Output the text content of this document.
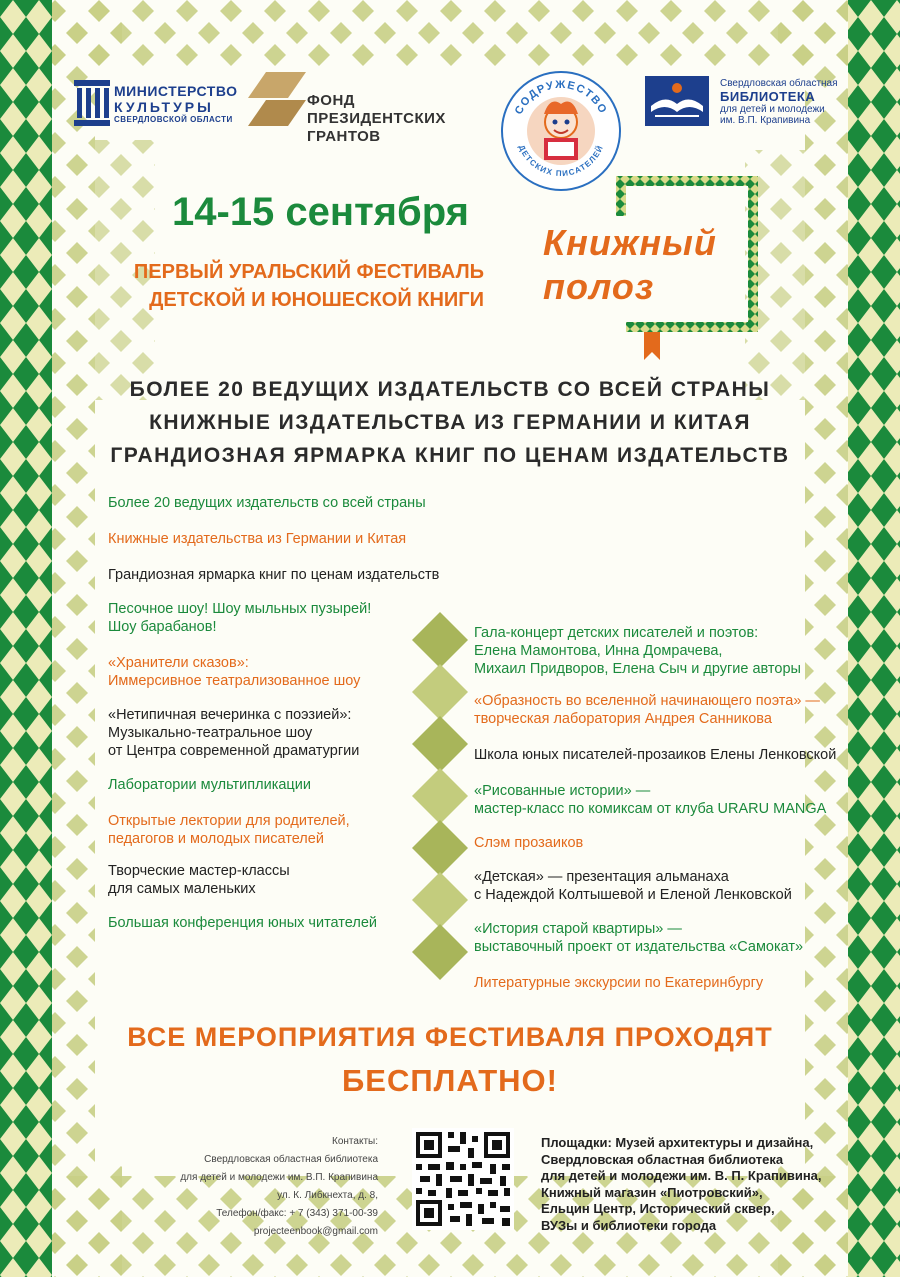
МИНИСТЕРСТВО
КУЛЬТУРЫ
СВЕРДЛОВСКОЙ ОБЛАСТИ
ФОНД
ПРЕЗИДЕНТСКИХ
ГРАНТОВ
СОДРУЖЕСТВО
ДЕТСКИХ ПИСАТЕЛЕЙ
Свердловская областная
БИБЛИОТЕКА
для детей и молодежи
им. В.П. Крапивина
14-15 сентября
ПЕРВЫЙ УРАЛЬСКИЙ ФЕСТИВАЛЬ
ДЕТСКОЙ И ЮНОШЕСКОЙ КНИГИ
Книжный
полоз
БОЛЕЕ 20 ВЕДУЩИХ ИЗДАТЕЛЬСТВ СО ВСЕЙ СТРАНЫ
КНИЖНЫЕ ИЗДАТЕЛЬСТВА ИЗ ГЕРМАНИИ И КИТАЯ
ГРАНДИОЗНАЯ ЯРМАРКА КНИГ ПО ЦЕНАМ ИЗДАТЕЛЬСТВ
Более 20 ведущих издательств со всей страны
Книжные издательства из Германии и Китая
Грандиозная ярмарка книг по ценам издательств
Песочное шоу! Шоу мыльных пузырей!
Шоу барабанов!
«Хранители сказов»:
Иммерсивное театрализованное шоу
«Нетипичная вечеринка с поэзией»:
Музыкально-театральное шоу
от Центра современной драматургии
Лаборатории мультипликации
Открытые лектории для родителей,
педагогов и молодых писателей
Творческие мастер-классы
для самых маленьких
Большая конференция юных читателей
Гала-концерт детских писателей и поэтов:
Елена Мамонтова, Инна Домрачева,
Михаил Придворов, Елена Сыч и другие авторы
«Образность во вселенной начинающего поэта» —
творческая лаборатория Андрея Санникова
Школа юных писателей-прозаиков Елены Ленковской
«Рисованные истории» —
мастер-класс по комиксам от клуба URARU MANGA
Слэм прозаиков
«Детская» — презентация альманаха
с Надеждой Колтышевой и Еленой Ленковской
«История старой квартиры» —
выставочный проект от издательства «Самокат»
Литературные экскурсии по Екатеринбургу
ВСЕ МЕРОПРИЯТИЯ ФЕСТИВАЛЯ ПРОХОДЯТ
БЕСПЛАТНО!
Контакты:
Свердловская областная библиотека
для детей и молодежи им. В.П. Крапивина
ул. К. Либкнехта, д. 8,
Телефон/факс: + 7 (343) 371-00-39
projecteenbook@gmail.com
Площадки: Музей архитектуры и дизайна,
Свердловская областная библиотека
для детей и молодежи им. В. П. Крапивина,
Книжный магазин «Пиотровский»,
Ельцин Центр, Исторический сквер,
ВУЗы и библиотеки города
